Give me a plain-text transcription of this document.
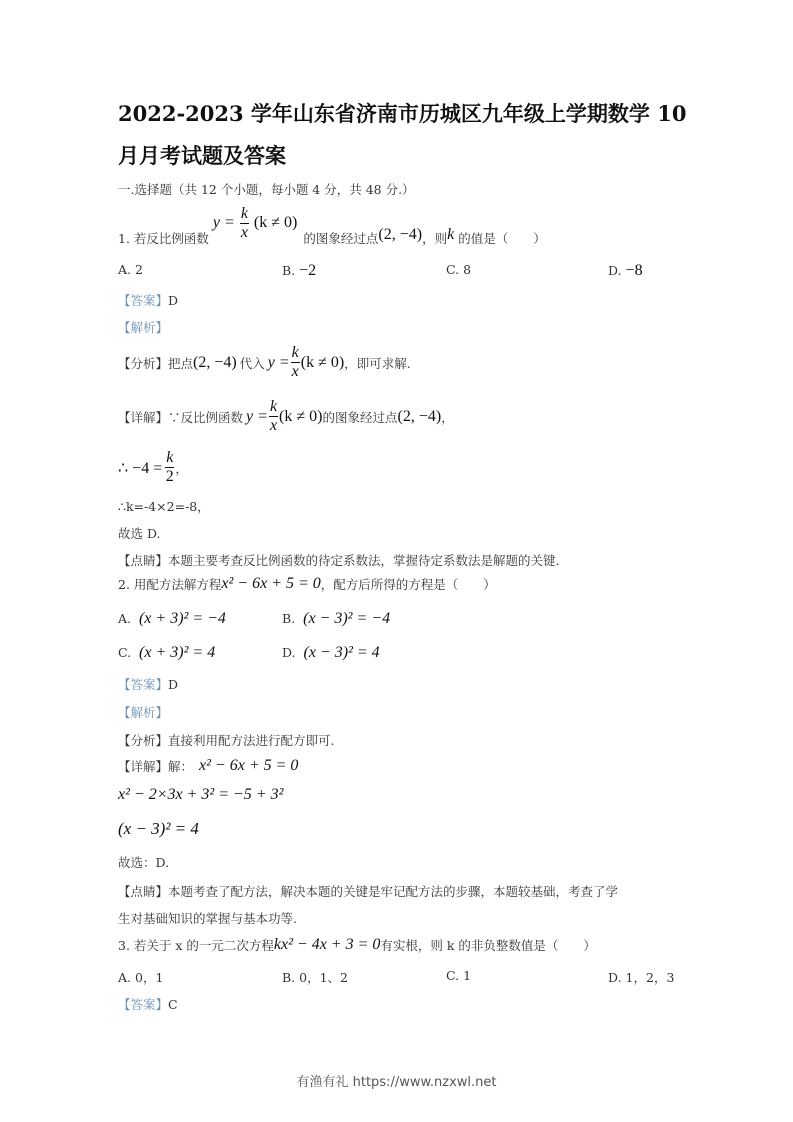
2022-2023 学年山东省济南市历城区九年级上学期数学 10
月月考试题及答案
一.选择题（共 12 个小题，每小题 4 分，共 48 分.）
1. 若反比例函数
$y = \frac{k}{x} (k \ne 0)$
的图象经过点 (2, −4) ，则 k 的值是（　　）
A. 2	B. −2	C. 8	D. −8
【答案】D
【解析】
【分析】 把点 (2, −4) 代入 $y = \frac{k}{x} (k \ne 0)$ ，即可求解.
【详解】 ∵反比例函数 $y = \frac{k}{x} (k \ne 0)$ 的图象经过点 (2, −4) ，
∴ $-4 = \frac{k}{2}$ ，
∴k=-4×2=-8，
故选 D.
【点睛】本题主要考查反比例函数的待定系数法，掌握待定系数法是解题的关键.
2. 用配方法解方程 x² − 6x + 5 = 0 ，配方后所得的方程是（　　）
A. (x + 3)² = −4	B. (x − 3)² = −4
C. (x + 3)² = 4	D. (x − 3)² = 4
【答案】D
【解析】
【分析】直接利用配方法进行配方即可.
【详解】 解： x² − 6x + 5 = 0
x² − 2×3x + 3² = −5 + 3²
(x − 3)² = 4
故选：D.
【点睛】本题考查了配方法，解决本题的关键是牢记配方法的步骤，本题较基础，考查了学
生对基础知识的掌握与基本功等.
3. 若关于 x 的一元二次方程 kx² − 4x + 3 = 0 有实根，则 k 的非负整数值是（　　）
A. 0，1	B. 0，1、2	C. 1	D. 1，2，3
【答案】C
有渔有礼 https://www.nzxwl.net
